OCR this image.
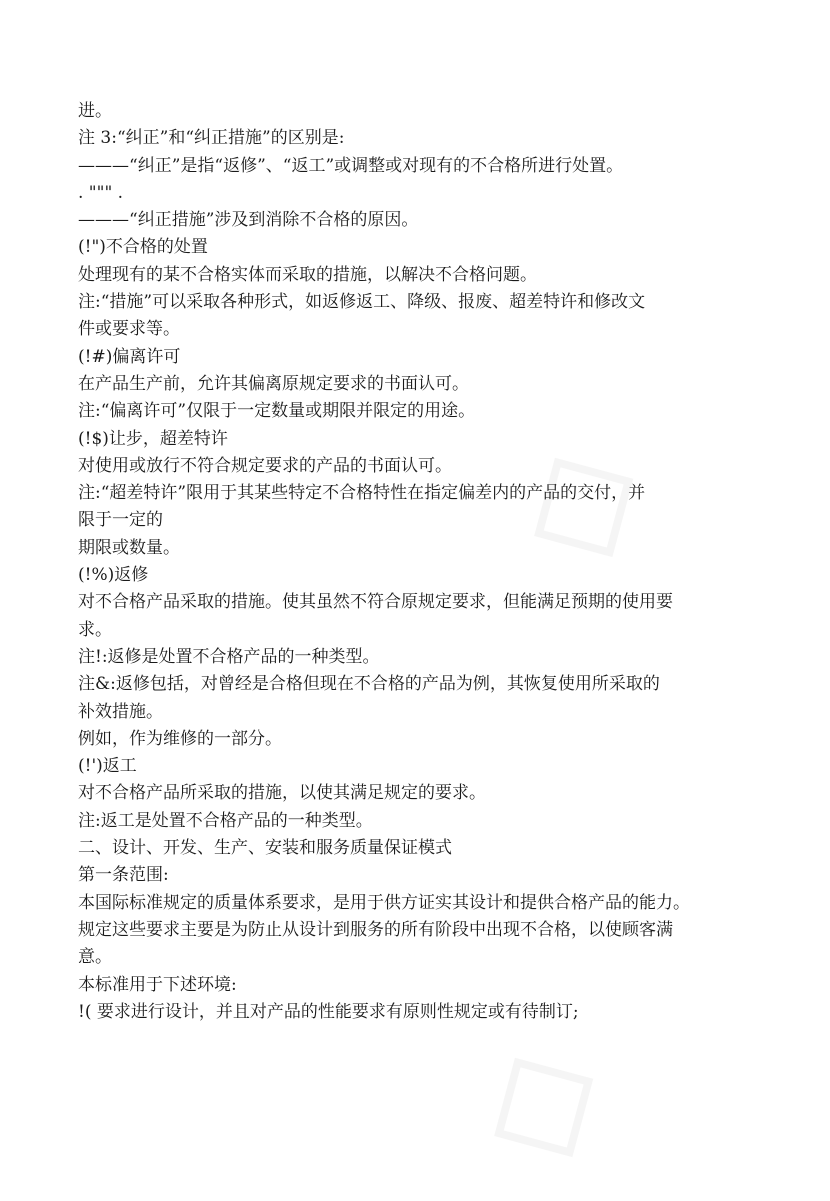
◇
◇
进。
注 3:“纠正”和“纠正措施”的区别是:
———“纠正”是指“返修”、“返工”或调整或对现有的不合格所进行处置。
. """ .
———“纠正措施”涉及到消除不合格的原因。
(!")不合格的处置
处理现有的某不合格实体而采取的措施，以解决不合格问题。
注:“措施”可以采取各种形式，如返修返工、降级、报废、超差特许和修改文
件或要求等。
(!#)偏离许可
在产品生产前，允许其偏离原规定要求的书面认可。
注:“偏离许可”仅限于一定数量或期限并限定的用途。
(!$)让步，超差特许
对使用或放行不符合规定要求的产品的书面认可。
注:“超差特许”限用于其某些特定不合格特性在指定偏差内的产品的交付，并
限于一定的
期限或数量。
(!%)返修
对不合格产品采取的措施。使其虽然不符合原规定要求，但能满足预期的使用要
求。
注!:返修是处置不合格产品的一种类型。
注&:返修包括，对曾经是合格但现在不合格的产品为例，其恢复使用所采取的
补效措施。
例如，作为维修的一部分。
(!')返工
对不合格产品所采取的措施，以使其满足规定的要求。
注:返工是处置不合格产品的一种类型。
二、设计、开发、生产、安装和服务质量保证模式
第一条范围:
本国际标准规定的质量体系要求，是用于供方证实其设计和提供合格产品的能力。
规定这些要求主要是为防止从设计到服务的所有阶段中出现不合格，以使顾客满
意。
本标准用于下述环境:
!( 要求进行设计，并且对产品的性能要求有原则性规定或有待制订;
